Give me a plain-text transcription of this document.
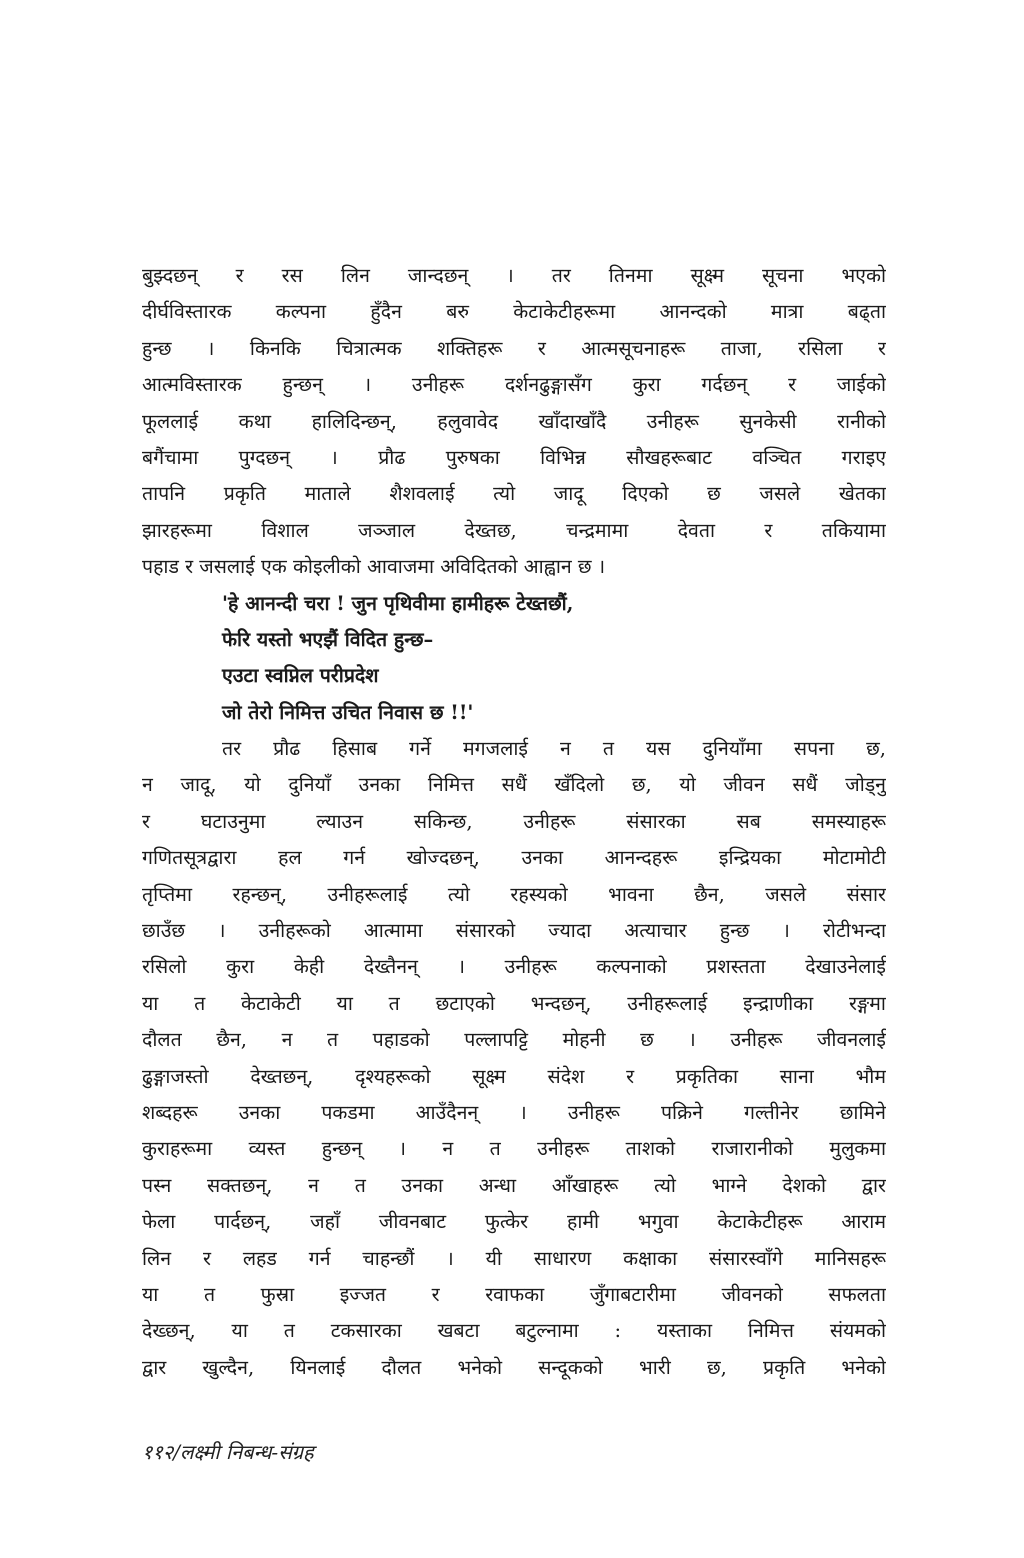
बुझ्दछन् र रस लिन जान्दछन् । तर तिनमा सूक्ष्म सूचना भएको
दीर्घविस्तारक कल्पना हुँदैन बरु केटाकेटीहरूमा आनन्दको मात्रा बढ्ता
हुन्छ । किनकि चित्रात्मक शक्तिहरू र आत्मसूचनाहरू ताजा, रसिला र
आत्मविस्तारक हुन्छन् । उनीहरू दर्शनढुङ्गासँग कुरा गर्दछन् र जाईको
फूललाई कथा हालिदिन्छन्, हलुवावेद खाँदाखाँदै उनीहरू सुनकेसी रानीको
बगैंचामा पुग्दछन् । प्रौढ पुरुषका विभिन्न सौखहरूबाट वञ्चित गराइए
तापनि प्रकृति माताले शैशवलाई त्यो जादू दिएको छ जसले खेतका
झारहरूमा विशाल जञ्जाल देख्तछ, चन्द्रमामा देवता र तकियामा
पहाड र जसलाई एक कोइलीको आवाजमा अविदितको आह्वान छ ।
'हे आनन्दी चरा ! जुन पृथिवीमा हामीहरू टेख्तछौं,
फेरि यस्तो भएझैं विदित हुन्छ–
एउटा स्वप्निल परीप्रदेश
जो तेरो निमित्त उचित निवास छ !!'
तर प्रौढ हिसाब गर्ने मगजलाई न त यस दुनियाँमा सपना छ,
न जादू, यो दुनियाँ उनका निमित्त सधैं खँदिलो छ, यो जीवन सधैं जोड्नु
र घटाउनुमा ल्याउन सकिन्छ, उनीहरू संसारका सब समस्याहरू
गणितसूत्रद्वारा हल गर्न खोज्दछन्, उनका आनन्दहरू इन्द्रियका मोटामोटी
तृप्तिमा रहन्छन्, उनीहरूलाई त्यो रहस्यको भावना छैन, जसले संसार
छाउँछ । उनीहरूको आत्मामा संसारको ज्यादा अत्याचार हुन्छ । रोटीभन्दा
रसिलो कुरा केही देख्तैनन् । उनीहरू कल्पनाको प्रशस्तता देखाउनेलाई
या त केटाकेटी या त छटाएको भन्दछन्, उनीहरूलाई इन्द्राणीका रङ्गमा
दौलत छैन, न त पहाडको पल्लापट्टि मोहनी छ । उनीहरू जीवनलाई
ढुङ्गाजस्तो देख्तछन्, दृश्यहरूको सूक्ष्म संदेश र प्रकृतिका साना भौम
शब्दहरू उनका पकडमा आउँदैनन् । उनीहरू पक्रिने गल्तीनेर छामिने
कुराहरूमा व्यस्त हुन्छन् । न त उनीहरू ताशको राजारानीको मुलुकमा
पस्न सक्तछन्, न त उनका अन्धा आँखाहरू त्यो भाग्ने देशको द्वार
फेला पार्दछन्, जहाँ जीवनबाट फुत्केर हामी भगुवा केटाकेटीहरू आराम
लिन र लहड गर्न चाहन्छौं । यी साधारण कक्षाका संसारस्वाँगे मानिसहरू
या त फुस्रा इज्जत र रवाफका जुँगाबटारीमा जीवनको सफलता
देख्छन्, या त टकसारका खबटा बटुल्नामा : यस्ताका निमित्त संयमको
द्वार खुल्दैन, यिनलाई दौलत भनेको सन्दूकको भारी छ, प्रकृति भनेको
११२/लक्ष्मी निबन्ध-संग्रह
